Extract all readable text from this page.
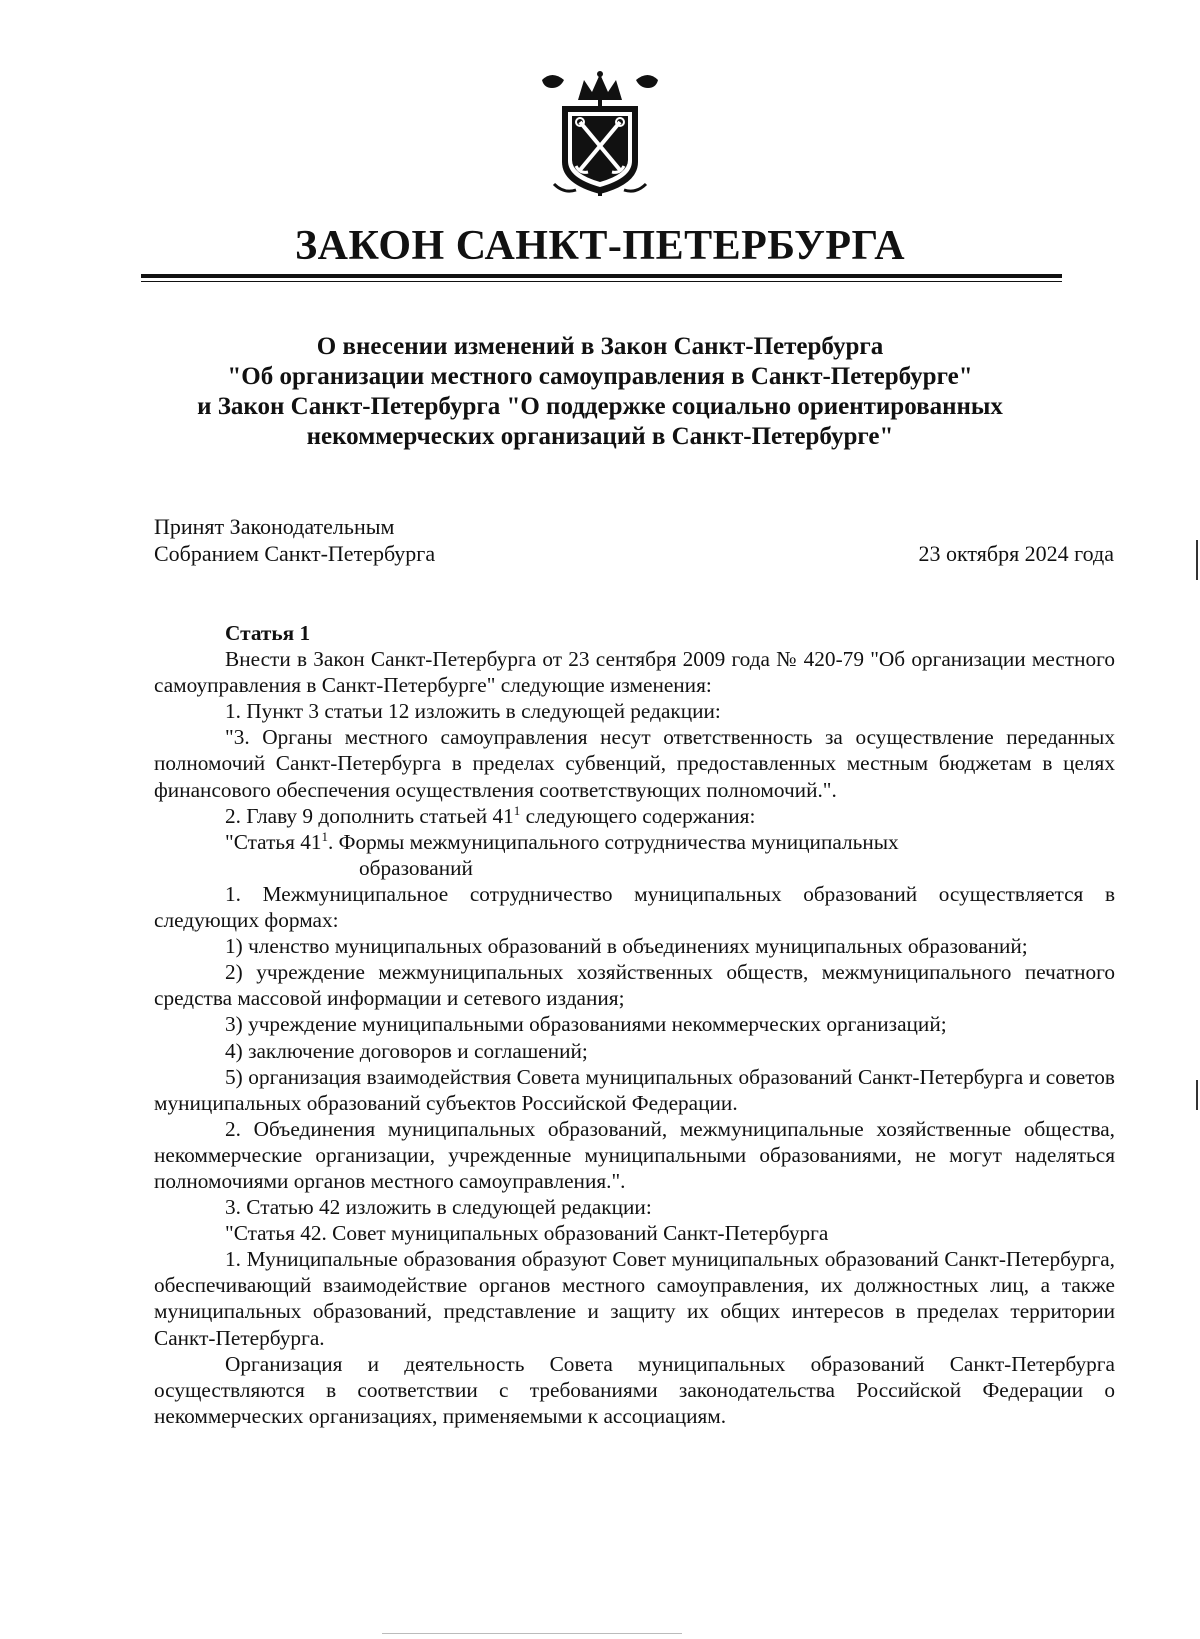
ЗАКОН САНКТ-ПЕТЕРБУРГА
О внесении изменений в Закон Санкт-Петербурга
"Об организации местного самоуправления в Санкт-Петербурге"
и Закон Санкт-Петербурга "О поддержке социально ориентированных
некоммерческих организаций в Санкт-Петербурге"
Принят Законодательным
Собранием Санкт-Петербурга	23 октября 2024 года
Статья 1

Внести в Закон Санкт-Петербурга от 23 сентября 2009 года № 420-79 "Об организации местного самоуправления в Санкт-Петербурге" следующие изменения:

1. Пункт 3 статьи 12 изложить в следующей редакции:

"3. Органы местного самоуправления несут ответственность за осуществление переданных полномочий Санкт-Петербурга в пределах субвенций, предоставленных местным бюджетам в целях финансового обеспечения осуществления соответствующих полномочий.".

2. Главу 9 дополнить статьей $41^1$ следующего содержания:

"Статья $41^1$. Формы межмуниципального сотрудничества муниципальных
образований

1. Межмуниципальное сотрудничество муниципальных образований осуществляется в следующих формах:

1) членство муниципальных образований в объединениях муниципальных образований;

2) учреждение межмуниципальных хозяйственных обществ, межмуниципального печатного средства массовой информации и сетевого издания;

3) учреждение муниципальными образованиями некоммерческих организаций;

4) заключение договоров и соглашений;

5) организация взаимодействия Совета муниципальных образований Санкт-Петербурга и советов муниципальных образований субъектов Российской Федерации.

2. Объединения муниципальных образований, межмуниципальные хозяйственные общества, некоммерческие организации, учрежденные муниципальными образованиями, не могут наделяться полномочиями органов местного самоуправления.".

3. Статью 42 изложить в следующей редакции:

"Статья 42. Совет муниципальных образований Санкт-Петербурга

1. Муниципальные образования образуют Совет муниципальных образований Санкт-Петербурга, обеспечивающий взаимодействие органов местного самоуправления, их должностных лиц, а также муниципальных образований, представление и защиту их общих интересов в пределах территории Санкт-Петербурга.

Организация и деятельность Совета муниципальных образований Санкт-Петербурга осуществляются в соответствии с требованиями законодательства Российской Федерации о некоммерческих организациях, применяемыми к ассоциациям.
